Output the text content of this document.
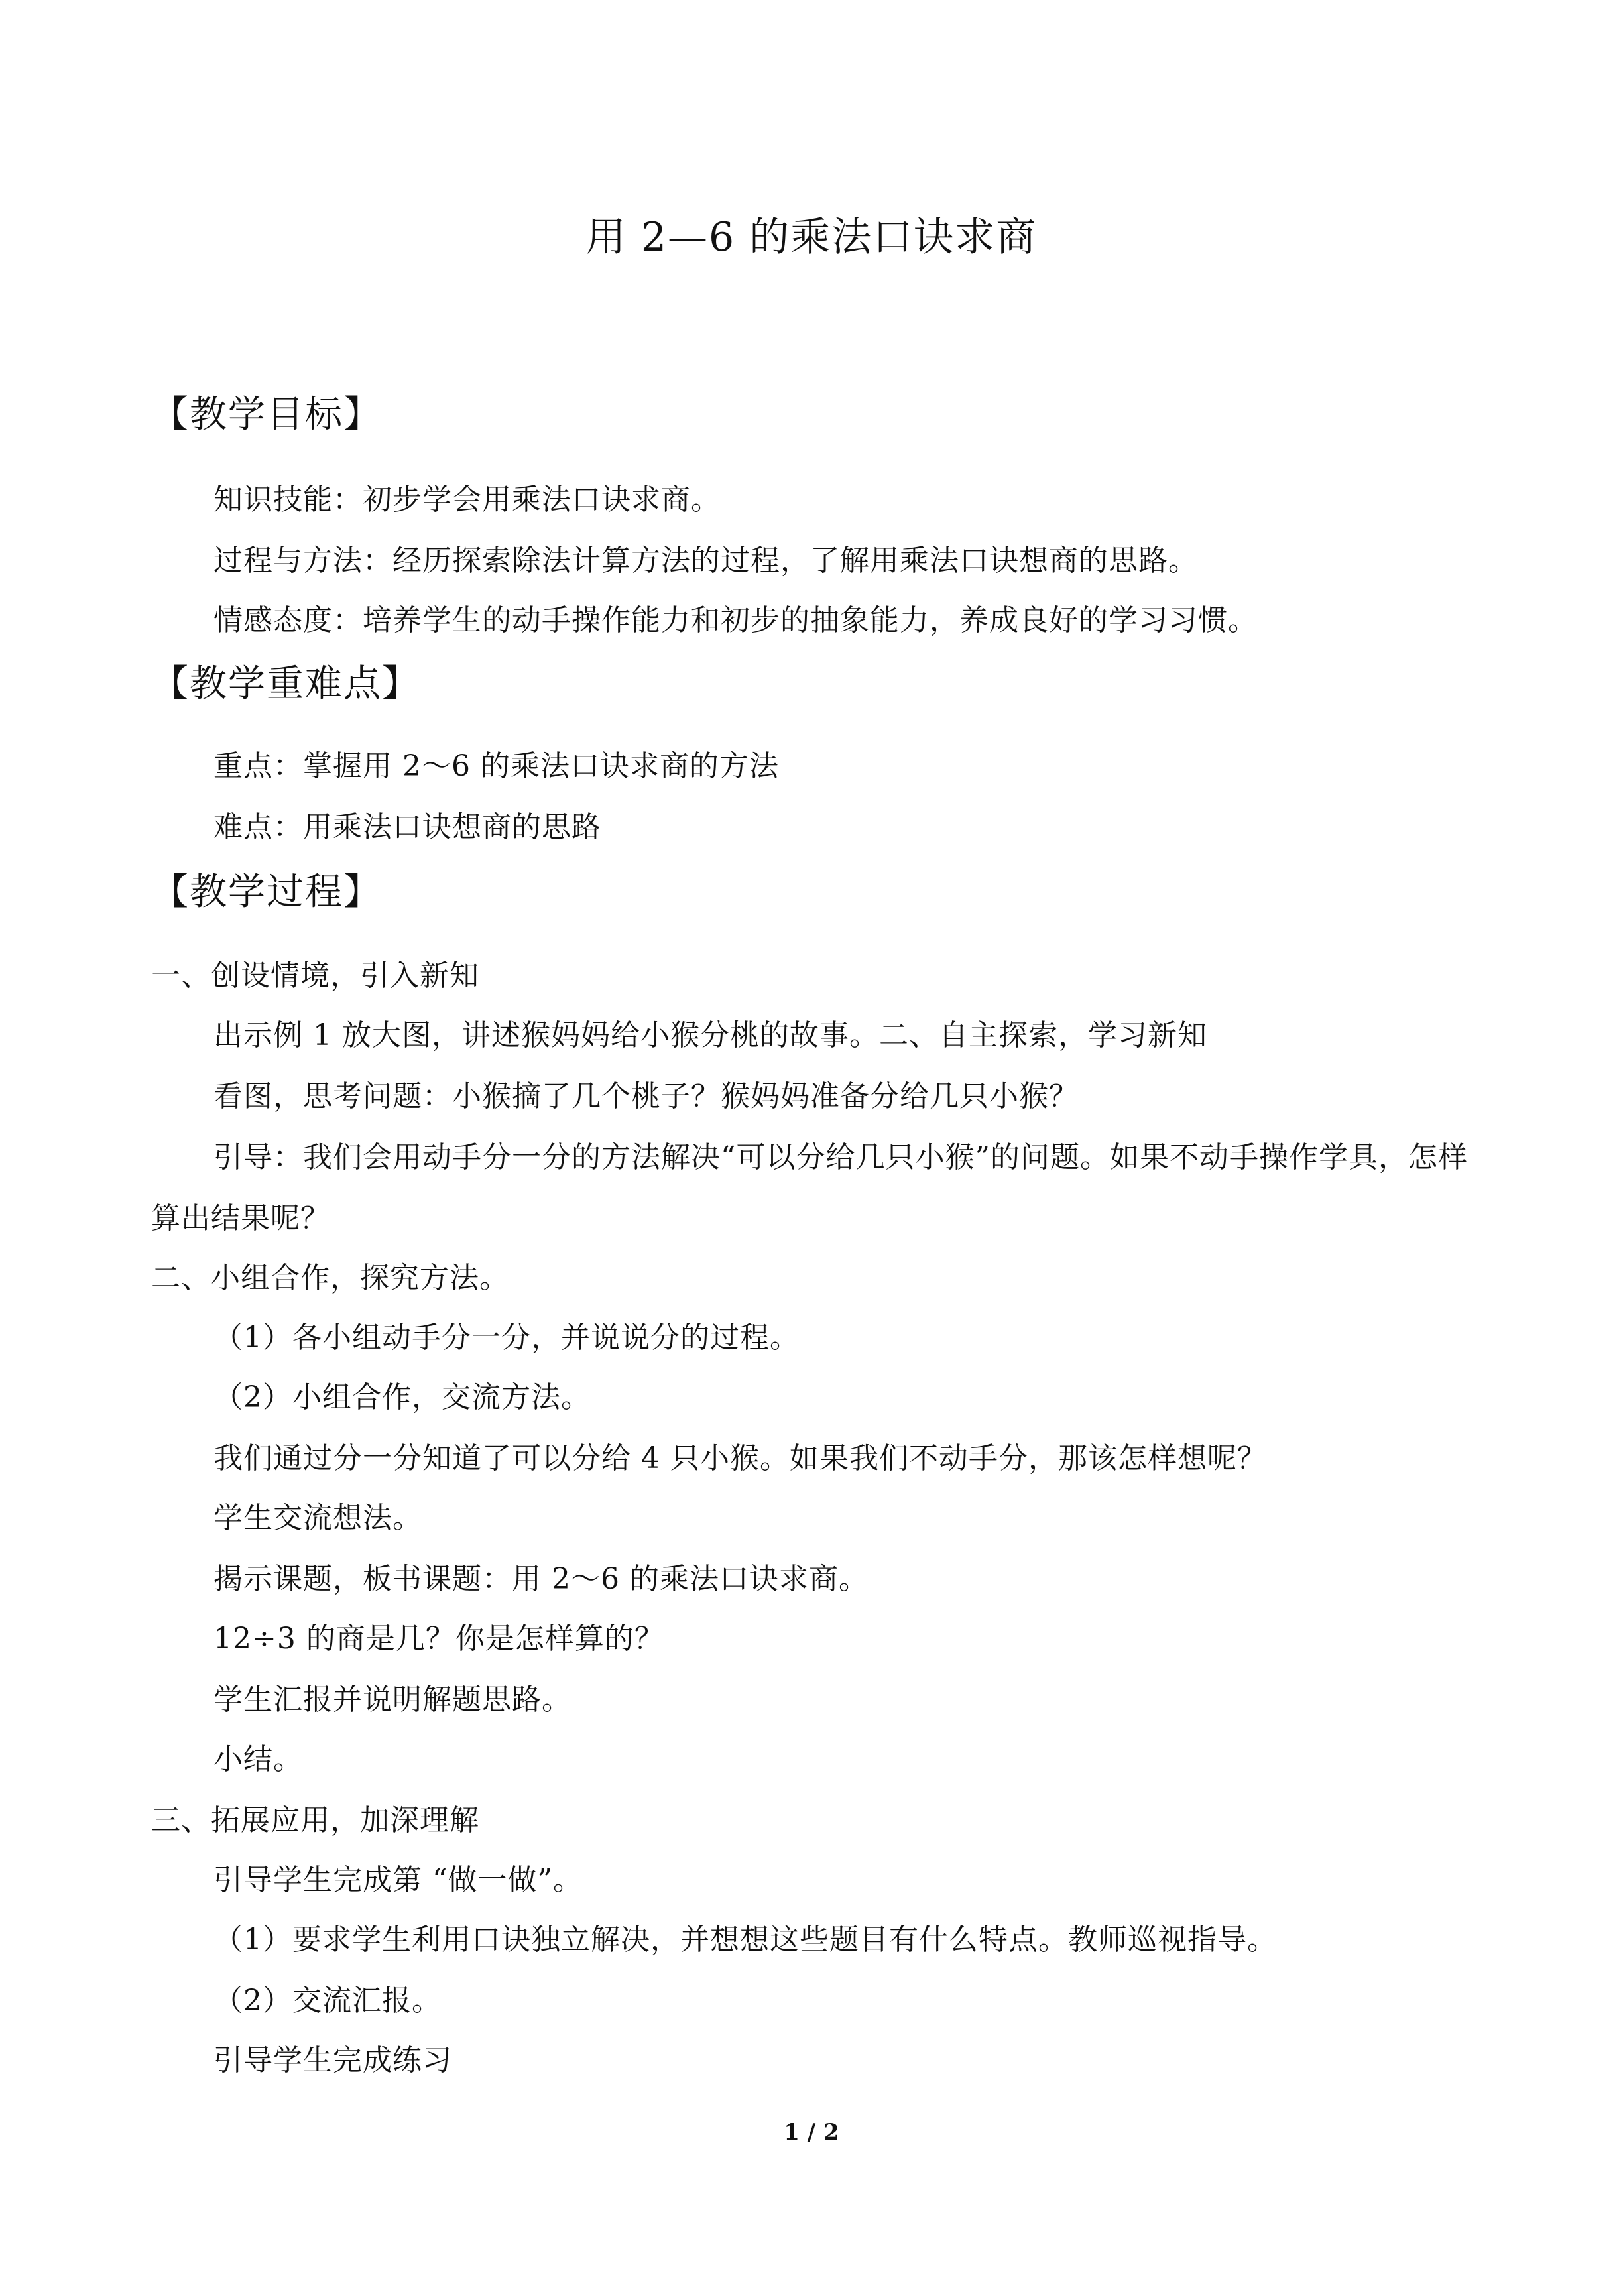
用 2—6 的乘法口诀求商
【教学目标】
知识技能：初步学会用乘法口诀求商。
过程与方法：经历探索除法计算方法的过程，了解用乘法口诀想商的思路。
情感态度：培养学生的动手操作能力和初步的抽象能力，养成良好的学习习惯。
【教学重难点】
重点：掌握用 2～6 的乘法口诀求商的方法
难点：用乘法口诀想商的思路
【教学过程】
一、创设情境，引入新知
出示例 1 放大图，讲述猴妈妈给小猴分桃的故事。二、自主探索，学习新知
看图，思考问题：小猴摘了几个桃子？猴妈妈准备分给几只小猴？
引导：我们会用动手分一分的方法解决“可以分给几只小猴”的问题。如果不动手操作学具，怎样算出结果呢？
二、小组合作，探究方法。
（1）各小组动手分一分，并说说分的过程。
（2）小组合作，交流方法。
我们通过分一分知道了可以分给 4 只小猴。如果我们不动手分，那该怎样想呢？
学生交流想法。
揭示课题，板书课题：用 2～6 的乘法口诀求商。
12÷3 的商是几？你是怎样算的？
学生汇报并说明解题思路。
小结。
三、拓展应用，加深理解
引导学生完成第 “做一做”。
（1）要求学生利用口诀独立解决，并想想这些题目有什么特点。教师巡视指导。
（2）交流汇报。
引导学生完成练习
1 / 2
